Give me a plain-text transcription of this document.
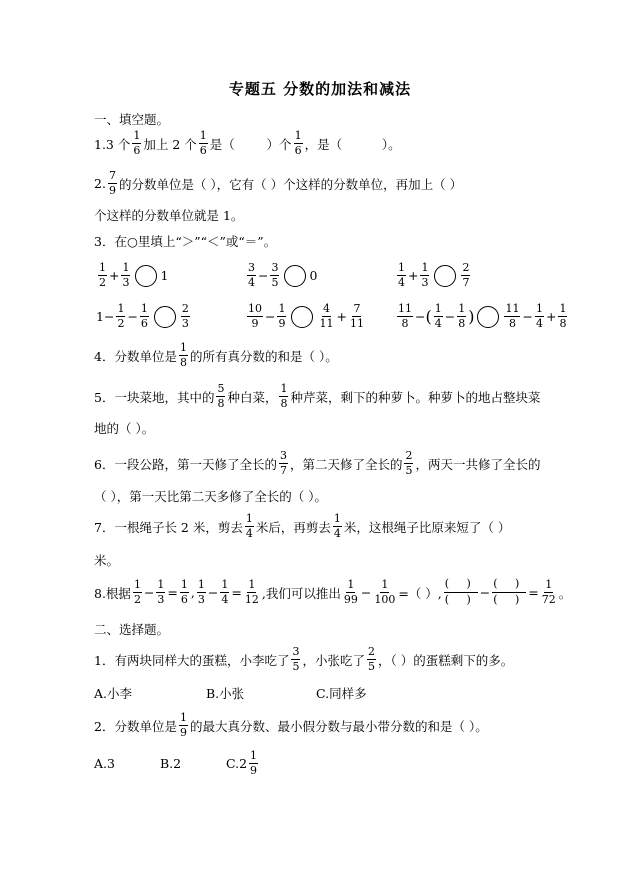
专题五 分数的加法和减法
一、填空题。
1.3 个 $\frac{1}{6}$ 加上 2 个 $\frac{1}{6}$ 是（        ）个 $\frac{1}{6}$ ，是（
	）。
2. $\frac{7}{9}$ 的分数单位是（ ），它有（ ）个这样的分数单位，再加上（ ）
个这样的分数单位就是 1。
3．在○里填上“＞”“＜”或“＝”。
$\frac{1}{2} + \frac{1}{3} 1$	$\frac{3}{4} - \frac{3}{5} 0$	$\frac{1}{4} + \frac{1}{3}$	$\frac{2}{7}$
$1- \frac{1}{2} - \frac{1}{6}$	$\frac{2}{3}$	$\frac{10}{9} - \frac{1}{9}$	$\frac{4}{11} + \frac{7}{11}$	$\frac{11}{8}$ − ( $\frac{1}{4} - \frac{1}{8}$ )	$\frac{11}{8} - \frac{1}{4} + \frac{1}{8}$
4．分数单位是 $\frac{1}{8}$ 的所有真分数的和是（ ）。
5．一块菜地，其中的 $\frac{5}{8}$ 种白菜， $\frac{1}{8}$ 种芹菜，剩下的种萝卜。种萝卜的地占整块菜
地的（ ）。
6．一段公路，第一天修了全长的 $\frac{3}{7}$ ，第二天修了全长的 $\frac{2}{5}$ ，两天一共修了全长的
（ ），第一天比第二天多修了全长的（ ）。
7．一根绳子长 2 米，剪去 $\frac{1}{4}$ 米后，再剪去 $\frac{1}{4}$ 米，这根绳子比原来短了（ ）
米。
8.根据 $\frac{1}{2} - \frac{1}{3} = \frac{1}{6}$ , $\frac{1}{3} - \frac{1}{4} = \frac{1}{12}$ ,我们可以推出 $\frac{1}{99} - \frac{1}{100}$ =（ ）, $\frac{( )}{( )} - \frac{( )}{( )} = \frac{1}{72}$ 。
二、选择题。
1．有两块同样大的蛋糕，小李吃了 $\frac{3}{5}$ ，小张吃了 $\frac{2}{5}$ ，（ ）的蛋糕剩下的多。
A.小李	B.小张	C.同样多
2．分数单位是 $\frac{1}{9}$ 的最大真分数、最小假分数与最小带分数的和是（ ）。
A.3	B.2	$C.2 \frac{1}{9}$
